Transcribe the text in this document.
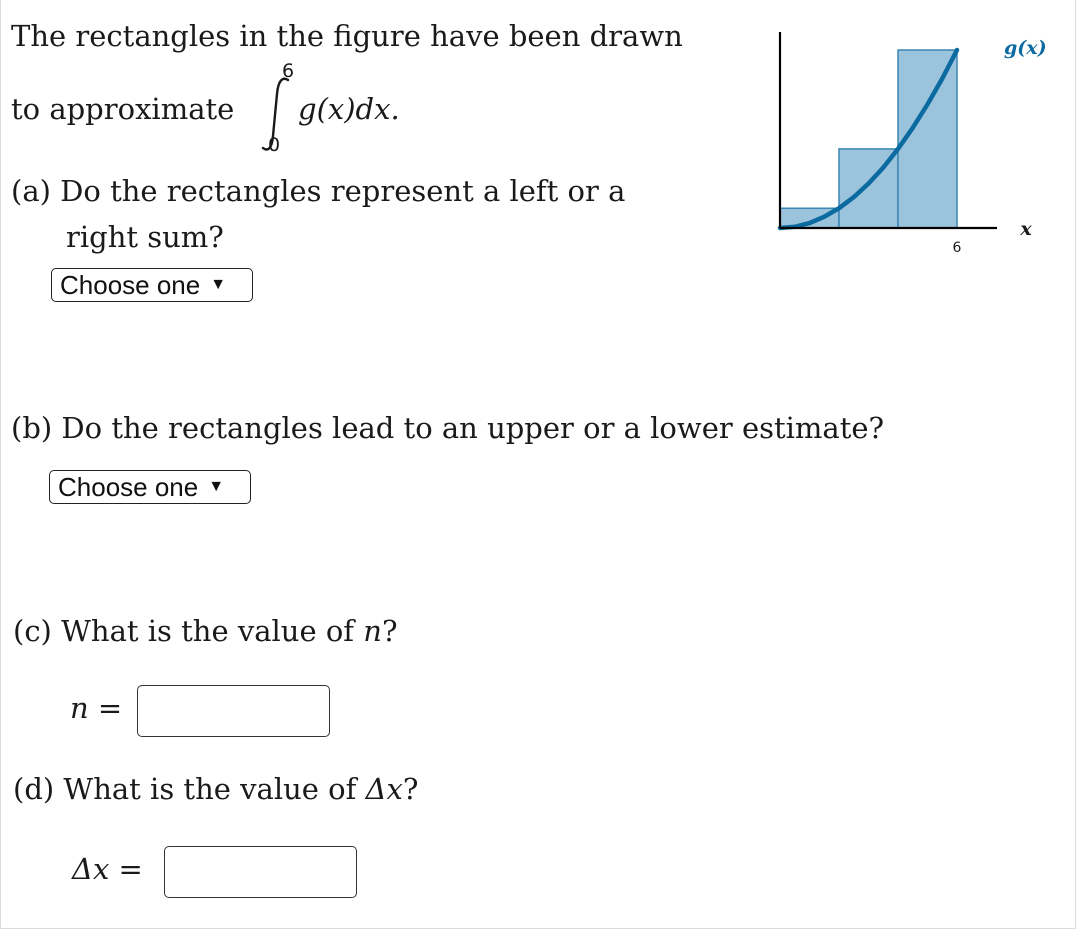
The rectangles in the figure have been drawn
to approximate
6
0
g(x)dx.
(a) Do the rectangles represent a left or a
right sum?
Choose one ▼
(b) Do the rectangles lead to an upper or a lower estimate?
Choose one ▼
(c) What is the value of n?
n =
(d) What is the value of Δx?
Δx =
6
x
g(x)
